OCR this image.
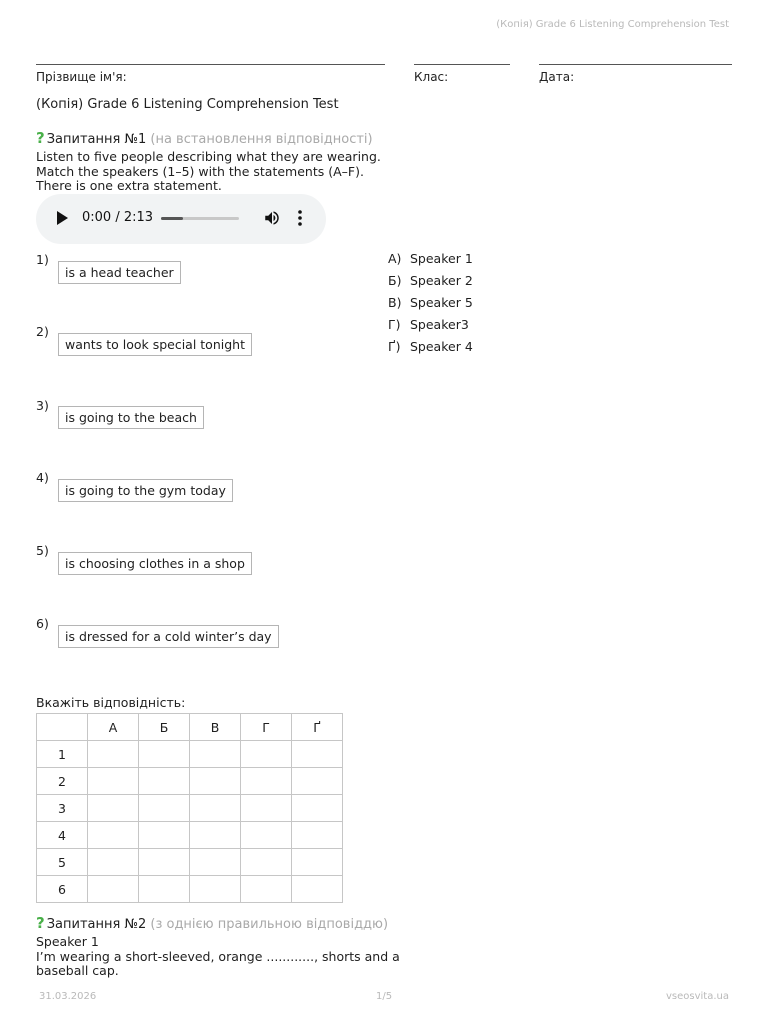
(Копія) Grade 6 Listening Comprehension Test
Прізвище ім'я:	Клас:	Дата:
(Копія) Grade 6 Listening Comprehension Test
? Запитання №1 (на встановлення відповідності)
Listen to five people describing what they are wearing.
Match the speakers (1–5) with the statements (A–F).
There is one extra statement.
0:00 / 2:13
1)
is a head teacher
2)
wants to look special tonight
3)
is going to the beach
4)
is going to the gym today
5)
is choosing clothes in a shop
6)
is dressed for a cold winter’s day
А) Speaker 1
Б) Speaker 2
В) Speaker 5
Г) Speaker3
Ґ) Speaker 4
Вкажіть відповідність:
	А	Б	В	Г	Ґ
1					
2					
3					
4					
5					
6					
? Запитання №2 (з однією правильною відповіддю)
Speaker 1
I’m wearing a short-sleeved, orange ............, shorts and a
baseball cap.
31.03.2026	1/5	vseosvita.ua
